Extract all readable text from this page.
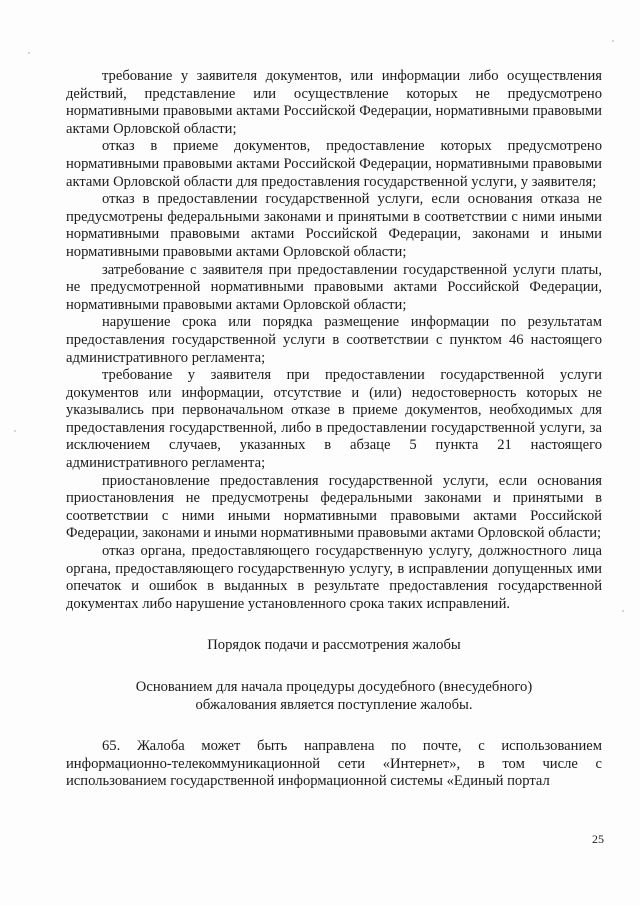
требование у заявителя документов, или информации либо осуществления действий, представление или осуществление которых не предусмотрено нормативными правовыми актами Российской Федерации, нормативными правовыми актами Орловской области;

отказ в приеме документов, предоставление которых предусмотрено нормативными правовыми актами Российской Федерации, нормативными правовыми актами Орловской области для предоставления государственной услуги, у заявителя;

отказ в предоставлении государственной услуги, если основания отказа не предусмотрены федеральными законами и принятыми в соответствии с ними иными нормативными правовыми актами Российской Федерации, законами и иными нормативными правовыми актами Орловской области;

затребование с заявителя при предоставлении государственной услуги платы, не предусмотренной нормативными правовыми актами Российской Федерации, нормативными правовыми актами Орловской области;

нарушение срока или порядка размещение информации по результатам предоставления государственной услуги в соответствии с пунктом 46 настоящего административного регламента;

требование у заявителя при предоставлении государственной услуги документов или информации, отсутствие и (или) недостоверность которых не указывались при первоначальном отказе в приеме документов, необходимых для предоставления государственной, либо в предоставлении государственной услуги, за исключением случаев, указанных в абзаце 5 пункта 21 настоящего административного регламента;

приостановление предоставления государственной услуги, если основания приостановления не предусмотрены федеральными законами и принятыми в соответствии с ними иными нормативными правовыми актами Российской Федерации, законами и иными нормативными правовыми актами Орловской области;

отказ органа, предоставляющего государственную услугу, должностного лица органа, предоставляющего государственную услугу, в исправлении допущенных ими опечаток и ошибок в выданных в результате предоставления государственной документах либо нарушение установленного срока таких исправлений.

Порядок подачи и рассмотрения жалобы

Основанием для начала процедуры досудебного (внесудебного)
обжалования является поступление жалобы.

65. Жалоба может быть направлена по почте, с использованием информационно-телекоммуникационной сети «Интернет», в том числе с использованием государственной информационной системы «Единый портал

25
